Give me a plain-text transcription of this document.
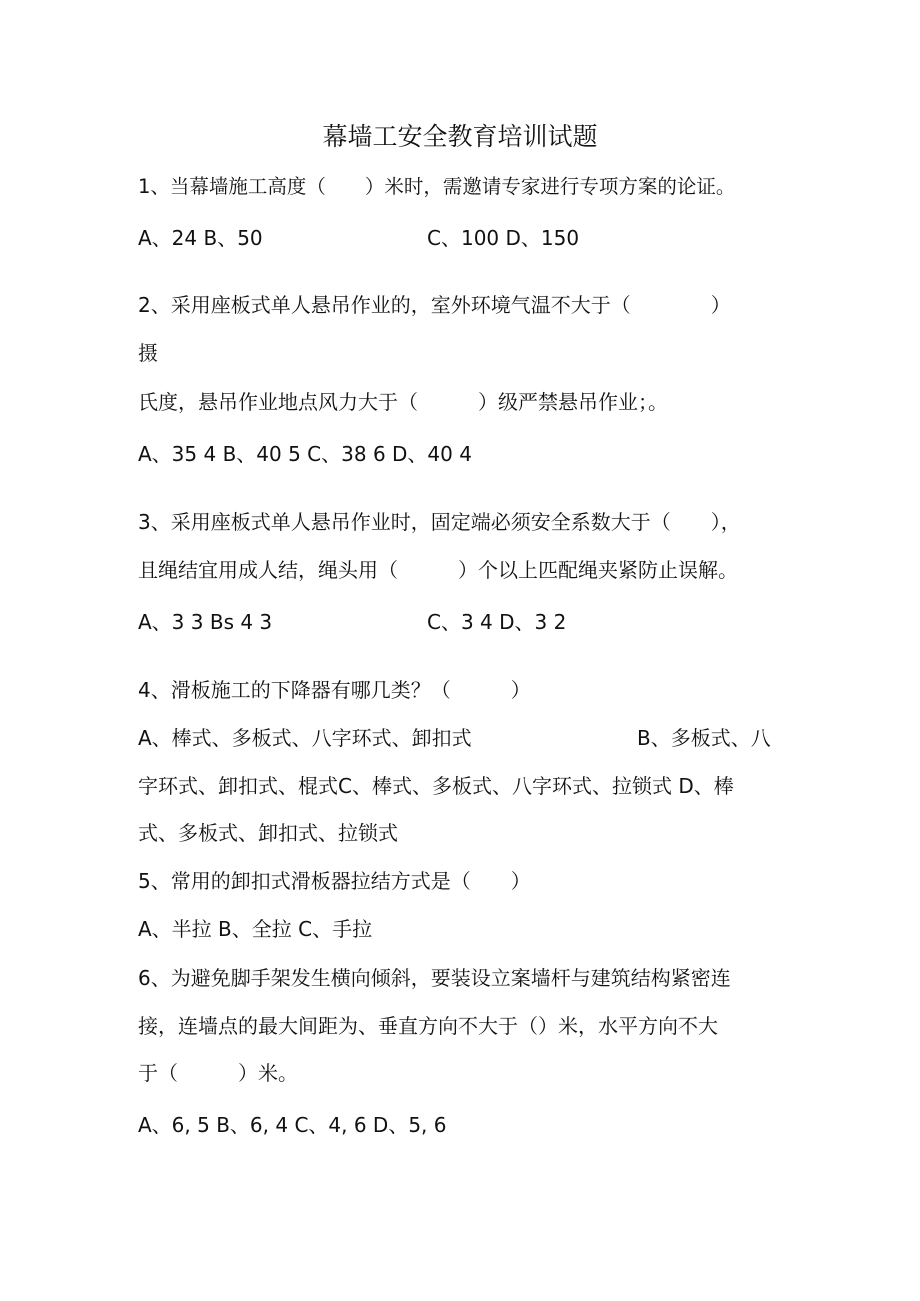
幕墙工安全教育培训试题
1、当幕墙施工高度（　　）米时，需邀请专家进行专项方案的论证。
A、24 B、50	C、100 D、150
2、采用座板式单人悬吊作业的，室外环境气温不大于（　　　　）
摄
氏度，悬吊作业地点风力大于（　　　）级严禁悬吊作业；。
A、35 4 B、40 5 C、38 6 D、40 4
3、采用座板式单人悬吊作业时，固定端必须安全系数大于（　　），
且绳结宜用成人结，绳头用（　　　）个以上匹配绳夹紧防止误解。
A、3 3 Bs 4 3	C、3 4 D、3 2
4、滑板施工的下降器有哪几类？（　　　）
A、棒式、多板式、八字环式、卸扣式	B、多板式、八
字环式、卸扣式、棍式C、棒式、多板式、八字环式、拉锁式 D、棒
式、多板式、卸扣式、拉锁式
5、常用的卸扣式滑板器拉结方式是（　　）
A、半拉 B、全拉 C、手拉
6、为避免脚手架发生横向倾斜，要装设立案墙杆与建筑结构紧密连
接，连墙点的最大间距为、垂直方向不大于（）米，水平方向不大
于（　　　）米。
A、6, 5 B、6, 4 C、4, 6 D、5, 6
